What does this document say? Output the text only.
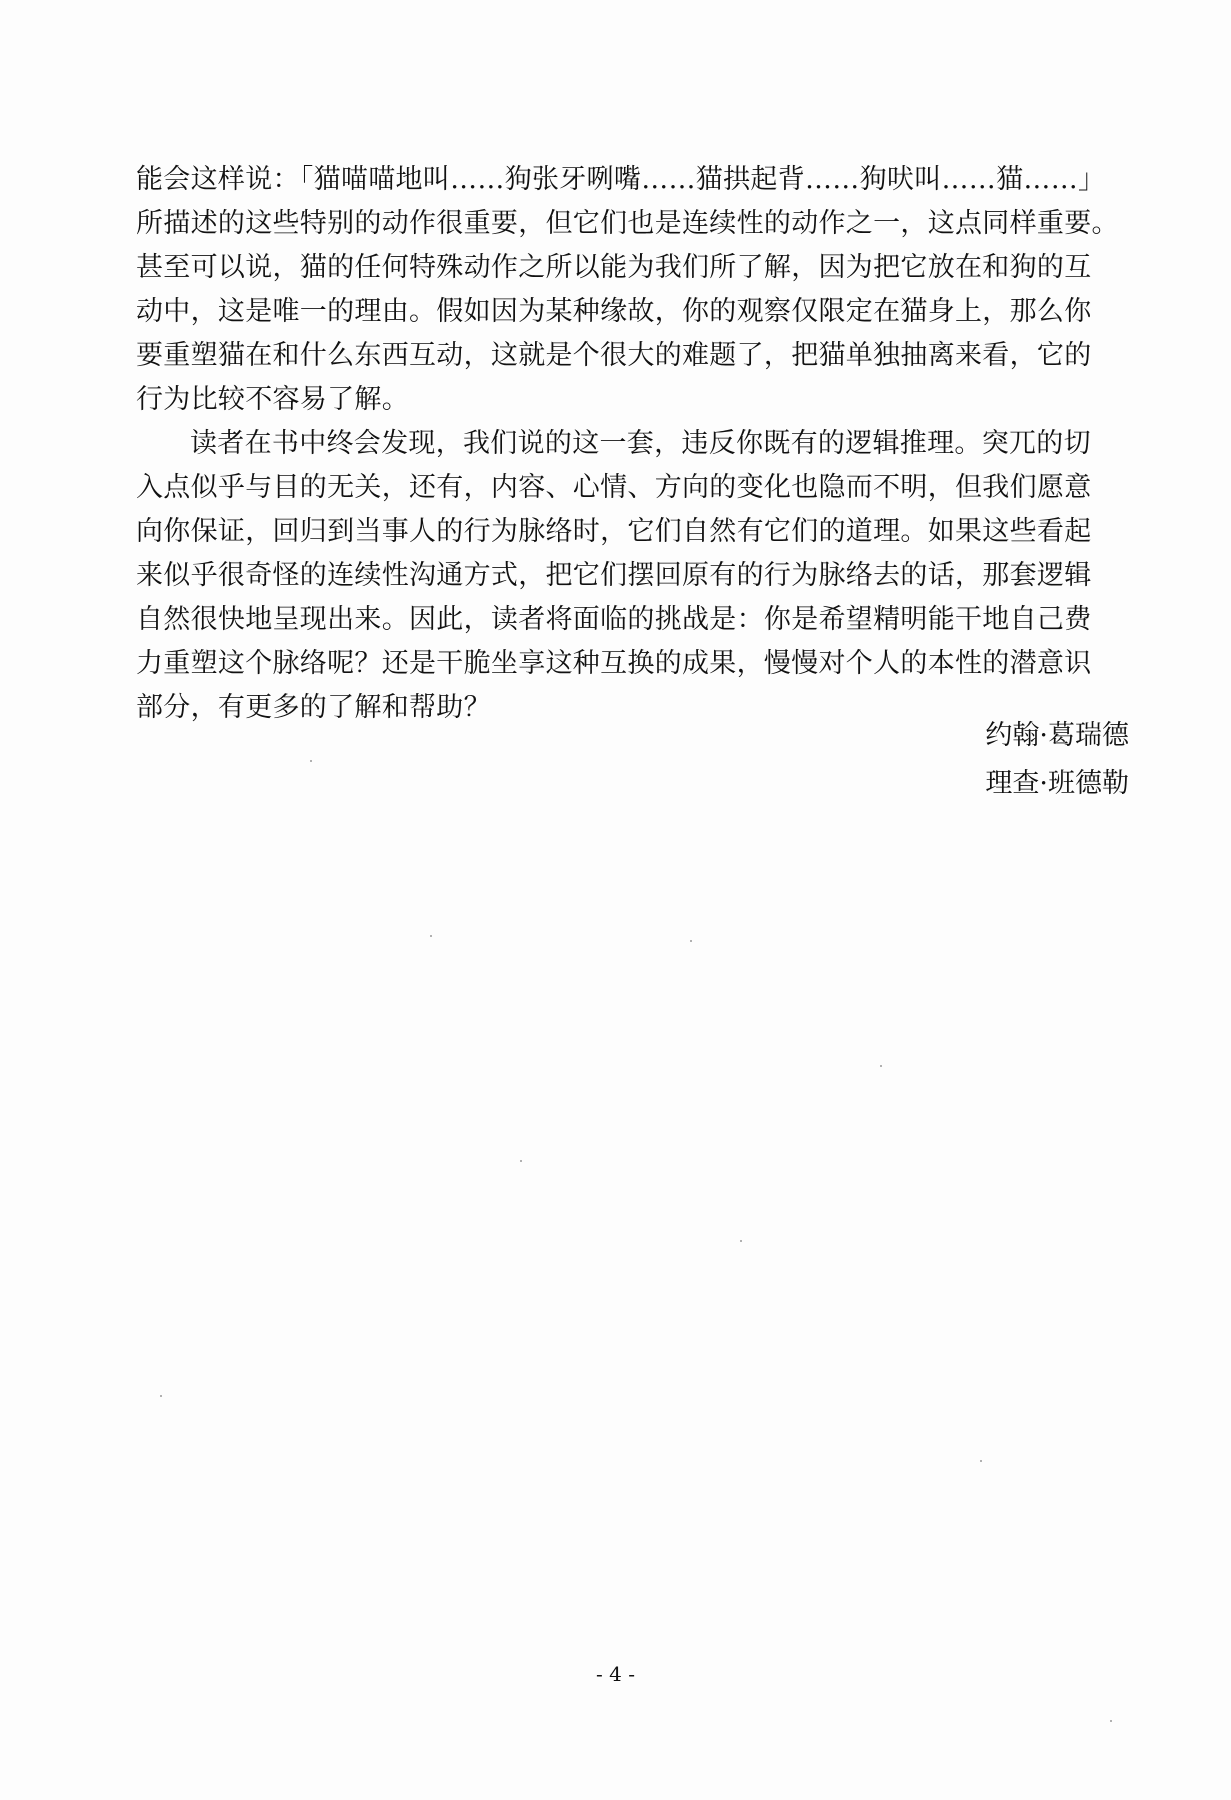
能会这样说：「猫喵喵地叫……狗张牙咧嘴……猫拱起背……狗吠叫……猫……」
所描述的这些特别的动作很重要，但它们也是连续性的动作之一，这点同样重要。
甚至可以说，猫的任何特殊动作之所以能为我们所了解，因为把它放在和狗的互
动中，这是唯一的理由。假如因为某种缘故，你的观察仅限定在猫身上，那么你
要重塑猫在和什么东西互动，这就是个很大的难题了，把猫单独抽离来看，它的
行为比较不容易了解。
读者在书中终会发现，我们说的这一套，违反你既有的逻辑推理。突兀的切
入点似乎与目的无关，还有，内容、心情、方向的变化也隐而不明，但我们愿意
向你保证，回归到当事人的行为脉络时，它们自然有它们的道理。如果这些看起
来似乎很奇怪的连续性沟通方式，把它们摆回原有的行为脉络去的话，那套逻辑
自然很快地呈现出来。因此，读者将面临的挑战是：你是希望精明能干地自己费
力重塑这个脉络呢？还是干脆坐享这种互换的成果，慢慢对个人的本性的潜意识
部分，有更多的了解和帮助？
约翰·葛瑞德
理查·班德勒
- 4 -
